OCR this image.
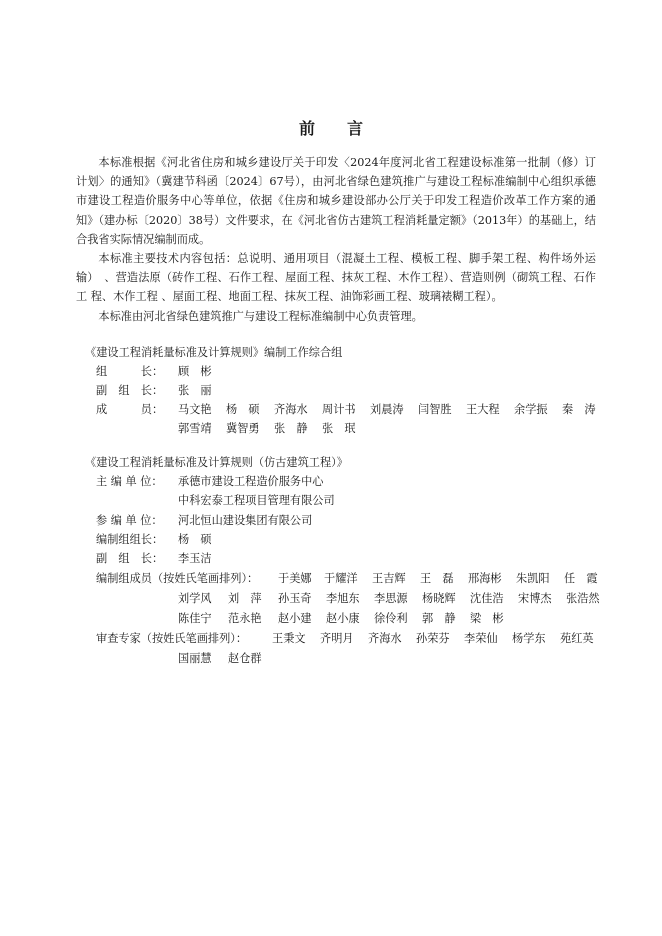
前　　言

本标准根据《河北省住房和城乡建设厅关于印发〈2024年度河北省工程建设标准第一批制（修）订计划〉的通知》（冀建节科函〔2024〕67号），由河北省绿色建筑推广与建设工程标准编制中心组织承德市建设工程造价服务中心等单位，依据《住房和城乡建设部办公厅关于印发工程造价改革工作方案的通知》（建办标〔2020〕38号）文件要求，在《河北省仿古建筑工程消耗量定额》（2013年）的基础上，结合我省实际情况编制而成。

本标准主要技术内容包括：总说明、通用项目（混凝土工程、模板工程、脚手架工程、构件场外运输）　、营造法原（砖作工程、石作工程、屋面工程、抹灰工程、木作工程）、营造则例（砌筑工程、石作工 程、木作工程 、屋面工程、地面工程、抹灰工程、油饰彩画工程、玻璃裱糊工程）。

本标准由河北省绿色建筑推广与建设工程标准编制中心负责管理。

《建设工程消耗量标准及计算规则》编制工作综合组
组　　　长： 顾　彬
副　组　长： 张　丽
成　　　员： 马文艳 杨　硕 齐海水 周计书 刘晨涛 闫智胜 王大程 余学振 秦　涛
郭雪靖 冀智勇 张　静 张　珉
《建设工程消耗量标准及计算规则（仿古建筑工程）》
主 编 单 位： 承德市建设工程造价服务中心
中科宏泰工程项目管理有限公司
参 编 单 位： 河北恒山建设集团有限公司
编制组组长： 杨　硕
副　组　长： 李玉洁
编制组成员（按姓氏笔画排列）： 于美娜 于耀洋 王吉辉 王　磊 邢海彬 朱凯阳 任　霞
刘学风 刘　萍 孙玉奇 李旭东 李思源 杨晓辉 沈佳浩 宋博杰 张浩然
陈佳宁 范永艳 赵小建 赵小康 徐伶利 郭　静 梁　彬
审查专家（按姓氏笔画排列）： 王秉文 齐明月 齐海水 孙荣芬 李荣仙 杨学东 苑红英
国丽慧 赵仓群
